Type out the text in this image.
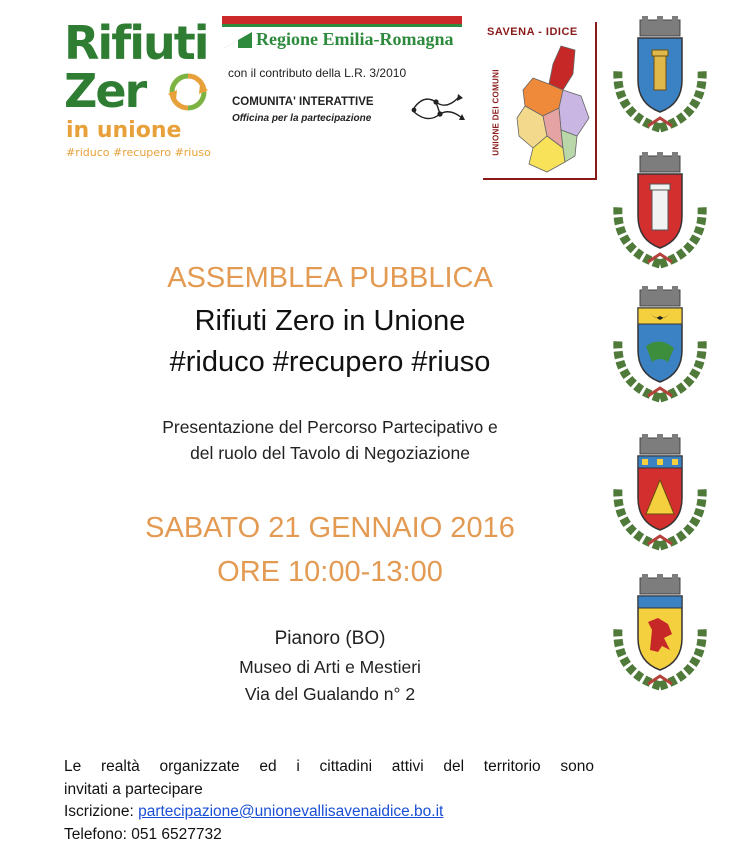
Rifiuti
Zer
in unione
#riduco #recupero #riuso
Regione Emilia-Romagna
con il contributo della L.R. 3/2010
COMUNITA' INTERATTIVE
Officina per la partecipazione
SAVENA - IDICE
UNIONE DEI COMUNI
ASSEMBLEA PUBBLICA
Rifiuti Zero in Unione
#riduco #recupero #riuso
Presentazione del Percorso Partecipativo e
del ruolo del Tavolo di Negoziazione
SABATO 21 GENNAIO 2016
ORE 10:00-13:00
Pianoro (BO)
Museo di Arti e Mestieri
Via del Gualando n° 2
Le realtà organizzate ed i cittadini attivi del territorio sono
invitati a partecipare
Iscrizione: partecipazione@unionevallisavenaidice.bo.it
Telefono: 051 6527732
